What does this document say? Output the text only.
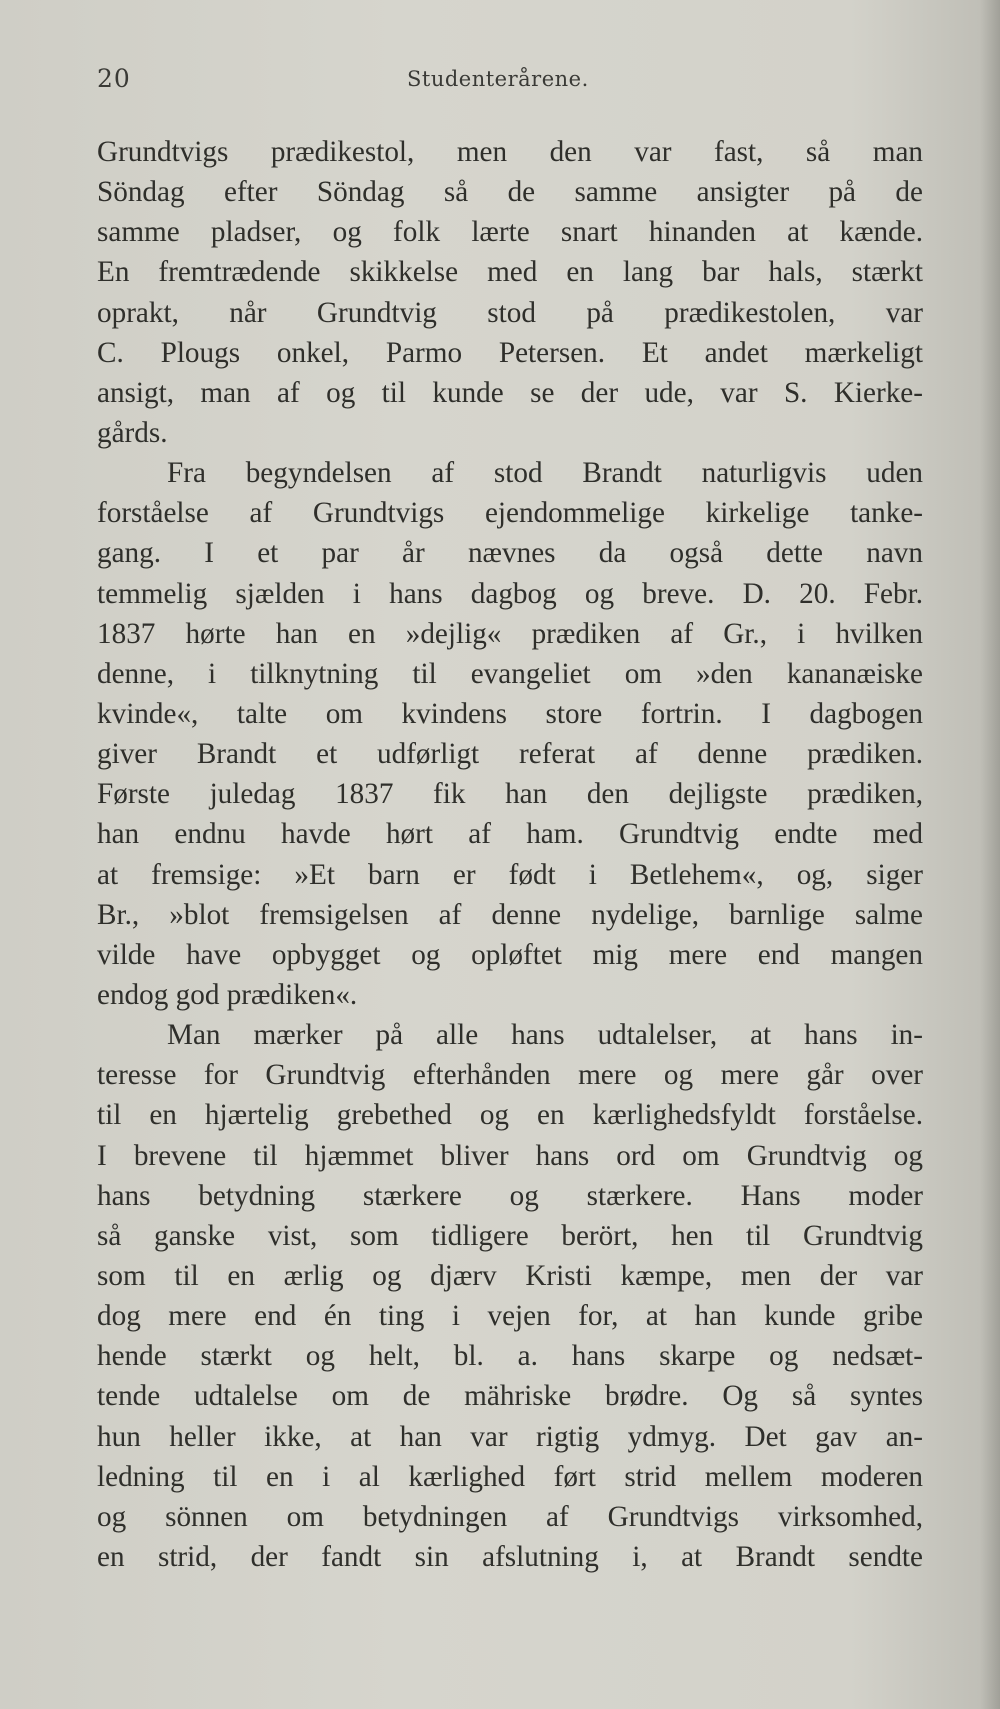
20	Studenterårene.
Grundtvigs prædikestol, men den var fast, så man
Söndag efter Söndag så de samme ansigter på de
samme pladser, og folk lærte snart hinanden at kænde.
En fremtrædende skikkelse med en lang bar hals, stærkt
oprakt, når Grundtvig stod på prædikestolen, var
C. Plougs onkel, Parmo Petersen. Et andet mærkeligt
ansigt, man af og til kunde se der ude, var S. Kierke-
gårds.
Fra begyndelsen af stod Brandt naturligvis uden
forståelse af Grundtvigs ejendommelige kirkelige tanke-
gang. I et par år nævnes da også dette navn
temmelig sjælden i hans dagbog og breve. D. 20. Febr.
1837 hørte han en »dejlig« prædiken af Gr., i hvilken
denne, i tilknytning til evangeliet om »den kananæiske
kvinde«, talte om kvindens store fortrin. I dagbogen
giver Brandt et udførligt referat af denne prædiken.
Første juledag 1837 fik han den dejligste prædiken,
han endnu havde hørt af ham. Grundtvig endte med
at fremsige: »Et barn er født i Betlehem«, og, siger
Br., »blot fremsigelsen af denne nydelige, barnlige salme
vilde have opbygget og opløftet mig mere end mangen
endog god prædiken«.
Man mærker på alle hans udtalelser, at hans in-
teresse for Grundtvig efterhånden mere og mere går over
til en hjærtelig grebethed og en kærlighedsfyldt forståelse.
I brevene til hjæmmet bliver hans ord om Grundtvig og
hans betydning stærkere og stærkere. Hans moder
så ganske vist, som tidligere berört, hen til Grundtvig
som til en ærlig og djærv Kristi kæmpe, men der var
dog mere end én ting i vejen for, at han kunde gribe
hende stærkt og helt, bl. a. hans skarpe og nedsæt-
tende udtalelse om de mähriske brødre. Og så syntes
hun heller ikke, at han var rigtig ydmyg. Det gav an-
ledning til en i al kærlighed ført strid mellem moderen
og sönnen om betydningen af Grundtvigs virksomhed,
en strid, der fandt sin afslutning i, at Brandt sendte
